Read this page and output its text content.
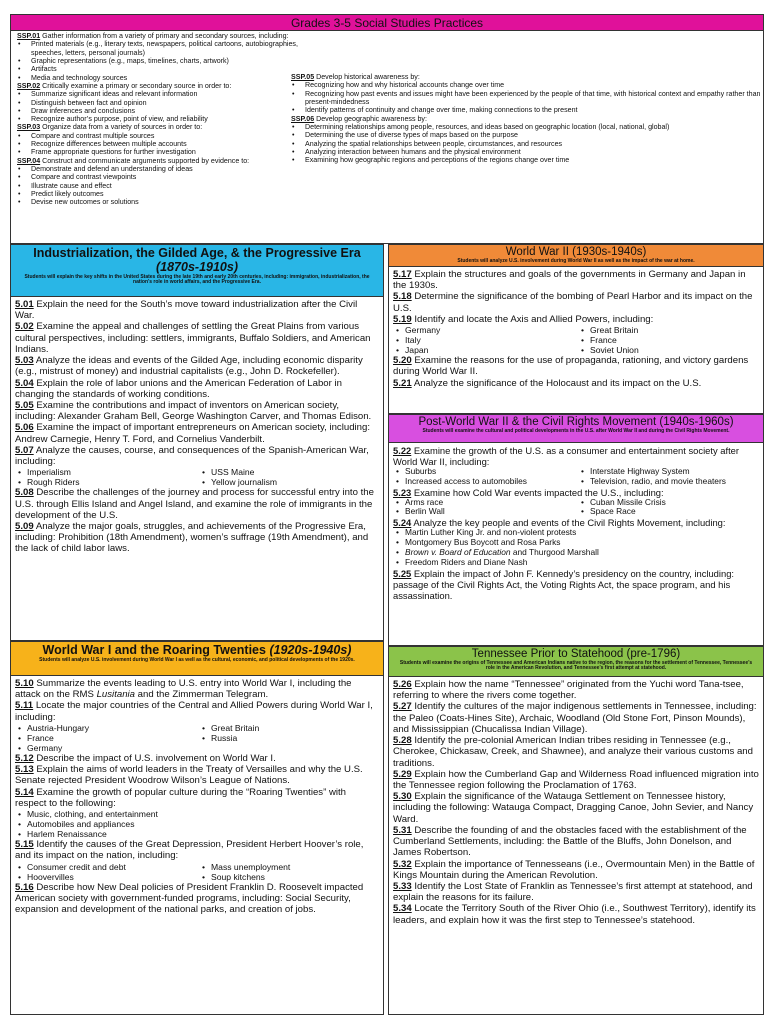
Grades 3-5 Social Studies Practices
SSP.01 Gather information from a variety of primary and secondary sources, including:
• Printed materials (e.g., literary texts, newspapers, political cartoons, autobiographies, speeches, letters, personal journals)
• Graphic representations (e.g., maps, timelines, charts, artwork)
• Artifacts
• Media and technology sources
SSP.02 Critically examine a primary or secondary source in order to:
• Summarize significant ideas and relevant information
• Distinguish between fact and opinion
• Draw inferences and conclusions
• Recognize author’s purpose, point of view, and reliability
SSP.03 Organize data from a variety of sources in order to:
• Compare and contrast multiple sources
• Recognize differences between multiple accounts
• Frame appropriate questions for further investigation
SSP.04 Construct and communicate arguments supported by evidence to:
• Demonstrate and defend an understanding of ideas
• Compare and contrast viewpoints
• Illustrate cause and effect
• Predict likely outcomes
• Devise new outcomes or solutions
SSP.05 Develop historical awareness by:
• Recognizing how and why historical accounts change over time
• Recognizing how past events and issues might have been experienced by the people of that time, with historical context and empathy rather than present-mindedness
• Identify patterns of continuity and change over time, making connections to the present
SSP.06 Develop geographic awareness by:
• Determining relationships among people, resources, and ideas based on geographic location (local, national, global)
• Determining the use of diverse types of maps based on the purpose
• Analyzing the spatial relationships between people, circumstances, and resources
• Analyzing interaction between humans and the physical environment
• Examining how geographic regions and perceptions of the regions change over time
Industrialization, the Gilded Age, & the Progressive Era
(1870s-1910s)
Students will explain the key shifts in the United States during the late 19th and early 20th centuries, including: immigration, industrialization, the nation’s role in world affairs, and the Progressive Era.
5.01 Explain the need for the South’s move toward industrialization after the Civil War.
5.02 Examine the appeal and challenges of settling the Great Plains from various cultural perspectives, including: settlers, immigrants, Buffalo Soldiers, and American Indians.
5.03 Analyze the ideas and events of the Gilded Age, including economic disparity (e.g., mistrust of money) and industrial capitalists (e.g., John D. Rockefeller).
5.04 Explain the role of labor unions and the American Federation of Labor in changing the standards of working conditions.
5.05 Examine the contributions and impact of inventors on American society, including: Alexander Graham Bell, George Washington Carver, and Thomas Edison.
5.06 Examine the impact of important entrepreneurs on American society, including: Andrew Carnegie, Henry T. Ford, and Cornelius Vanderbilt.
5.07 Analyze the causes, course, and consequences of the Spanish-American War, including:
• Imperialism
• Rough Riders
• USS Maine
• Yellow journalism
5.08 Describe the challenges of the journey and process for successful entry into the U.S. through Ellis Island and Angel Island, and examine the role of immigrants in the development of the U.S.
5.09 Analyze the major goals, struggles, and achievements of the Progressive Era, including: Prohibition (18th Amendment), women’s suffrage (19th Amendment), and the lack of child labor laws.
World War I and the Roaring Twenties (1920s-1940s)
Students will analyze U.S. involvement during World War I as well as the cultural, economic, and political developments of the 1920s.
5.10 Summarize the events leading to U.S. entry into World War I, including the attack on the RMS Lusitania and the Zimmerman Telegram.
5.11 Locate the major countries of the Central and Allied Powers during World War I, including:
• Austria-Hungary
• France
• Germany
• Great Britain
• Russia
5.12 Describe the impact of U.S. involvement on World War I.
5.13 Explain the aims of world leaders in the Treaty of Versailles and why the U.S. Senate rejected President Woodrow Wilson’s League of Nations.
5.14 Examine the growth of popular culture during the “Roaring Twenties” with respect to the following:
• Music, clothing, and entertainment
• Automobiles and appliances
• Harlem Renaissance
5.15 Identify the causes of the Great Depression, President Herbert Hoover’s role, and its impact on the nation, including:
• Consumer credit and debt
• Hoovervilles
• Mass unemployment
• Soup kitchens
5.16 Describe how New Deal policies of President Franklin D. Roosevelt impacted American society with government-funded programs, including: Social Security, expansion and development of the national parks, and creation of jobs.
World War II (1930s-1940s)
Students will analyze U.S. involvement during World War II as well as the impact of the war at home.
5.17 Explain the structures and goals of the governments in Germany and Japan in the 1930s.
5.18 Determine the significance of the bombing of Pearl Harbor and its impact on the U.S.
5.19 Identify and locate the Axis and Allied Powers, including:
• Germany
• Italy
• Japan
• Great Britain
• France
• Soviet Union
5.20 Examine the reasons for the use of propaganda, rationing, and victory gardens during World War II.
5.21 Analyze the significance of the Holocaust and its impact on the U.S.
Post-World War II & the Civil Rights Movement (1940s-1960s)
Students will examine the cultural and political developments in the U.S. after World War II and during the Civil Rights Movement.
5.22 Examine the growth of the U.S. as a consumer and entertainment society after World War II, including:
• Suburbs
• Increased access to automobiles
• Interstate Highway System
• Television, radio, and movie theaters
5.23 Examine how Cold War events impacted the U.S., including:
• Arms race
• Berlin Wall
• Cuban Missile Crisis
• Space Race
5.24 Analyze the key people and events of the Civil Rights Movement, including:
• Martin Luther King Jr. and non-violent protests
• Montgomery Bus Boycott and Rosa Parks
• Brown v. Board of Education and Thurgood Marshall
• Freedom Riders and Diane Nash
5.25 Explain the impact of John F. Kennedy’s presidency on the country, including: passage of the Civil Rights Act, the Voting Rights Act, the space program, and his assassination.
Tennessee Prior to Statehood (pre-1796)
Students will examine the origins of Tennessee and American Indians native to the region, the reasons for the settlement of Tennessee, Tennessee’s role in the American Revolution, and Tennessee’s first attempt at statehood.
5.26 Explain how the name “Tennessee” originated from the Yuchi word Tana-tsee, referring to where the rivers come together.
5.27 Identify the cultures of the major indigenous settlements in Tennessee, including: the Paleo (Coats-Hines Site), Archaic, Woodland (Old Stone Fort, Pinson Mounds), and Mississippian (Chucalissa Indian Village).
5.28 Identify the pre-colonial American Indian tribes residing in Tennessee (e.g., Cherokee, Chickasaw, Creek, and Shawnee), and analyze their various customs and traditions.
5.29 Explain how the Cumberland Gap and Wilderness Road influenced migration into the Tennessee region following the Proclamation of 1763.
5.30 Explain the significance of the Watauga Settlement on Tennessee history, including the following: Watauga Compact, Dragging Canoe, John Sevier, and Nancy Ward.
5.31 Describe the founding of and the obstacles faced with the establishment of the Cumberland Settlements, including: the Battle of the Bluffs, John Donelson, and James Robertson.
5.32 Explain the importance of Tennesseans (i.e., Overmountain Men) in the Battle of Kings Mountain during the American Revolution.
5.33 Identify the Lost State of Franklin as Tennessee’s first attempt at statehood, and explain the reasons for its failure.
5.34 Locate the Territory South of the River Ohio (i.e., Southwest Territory), identify its leaders, and explain how it was the first step to Tennessee’s statehood.
